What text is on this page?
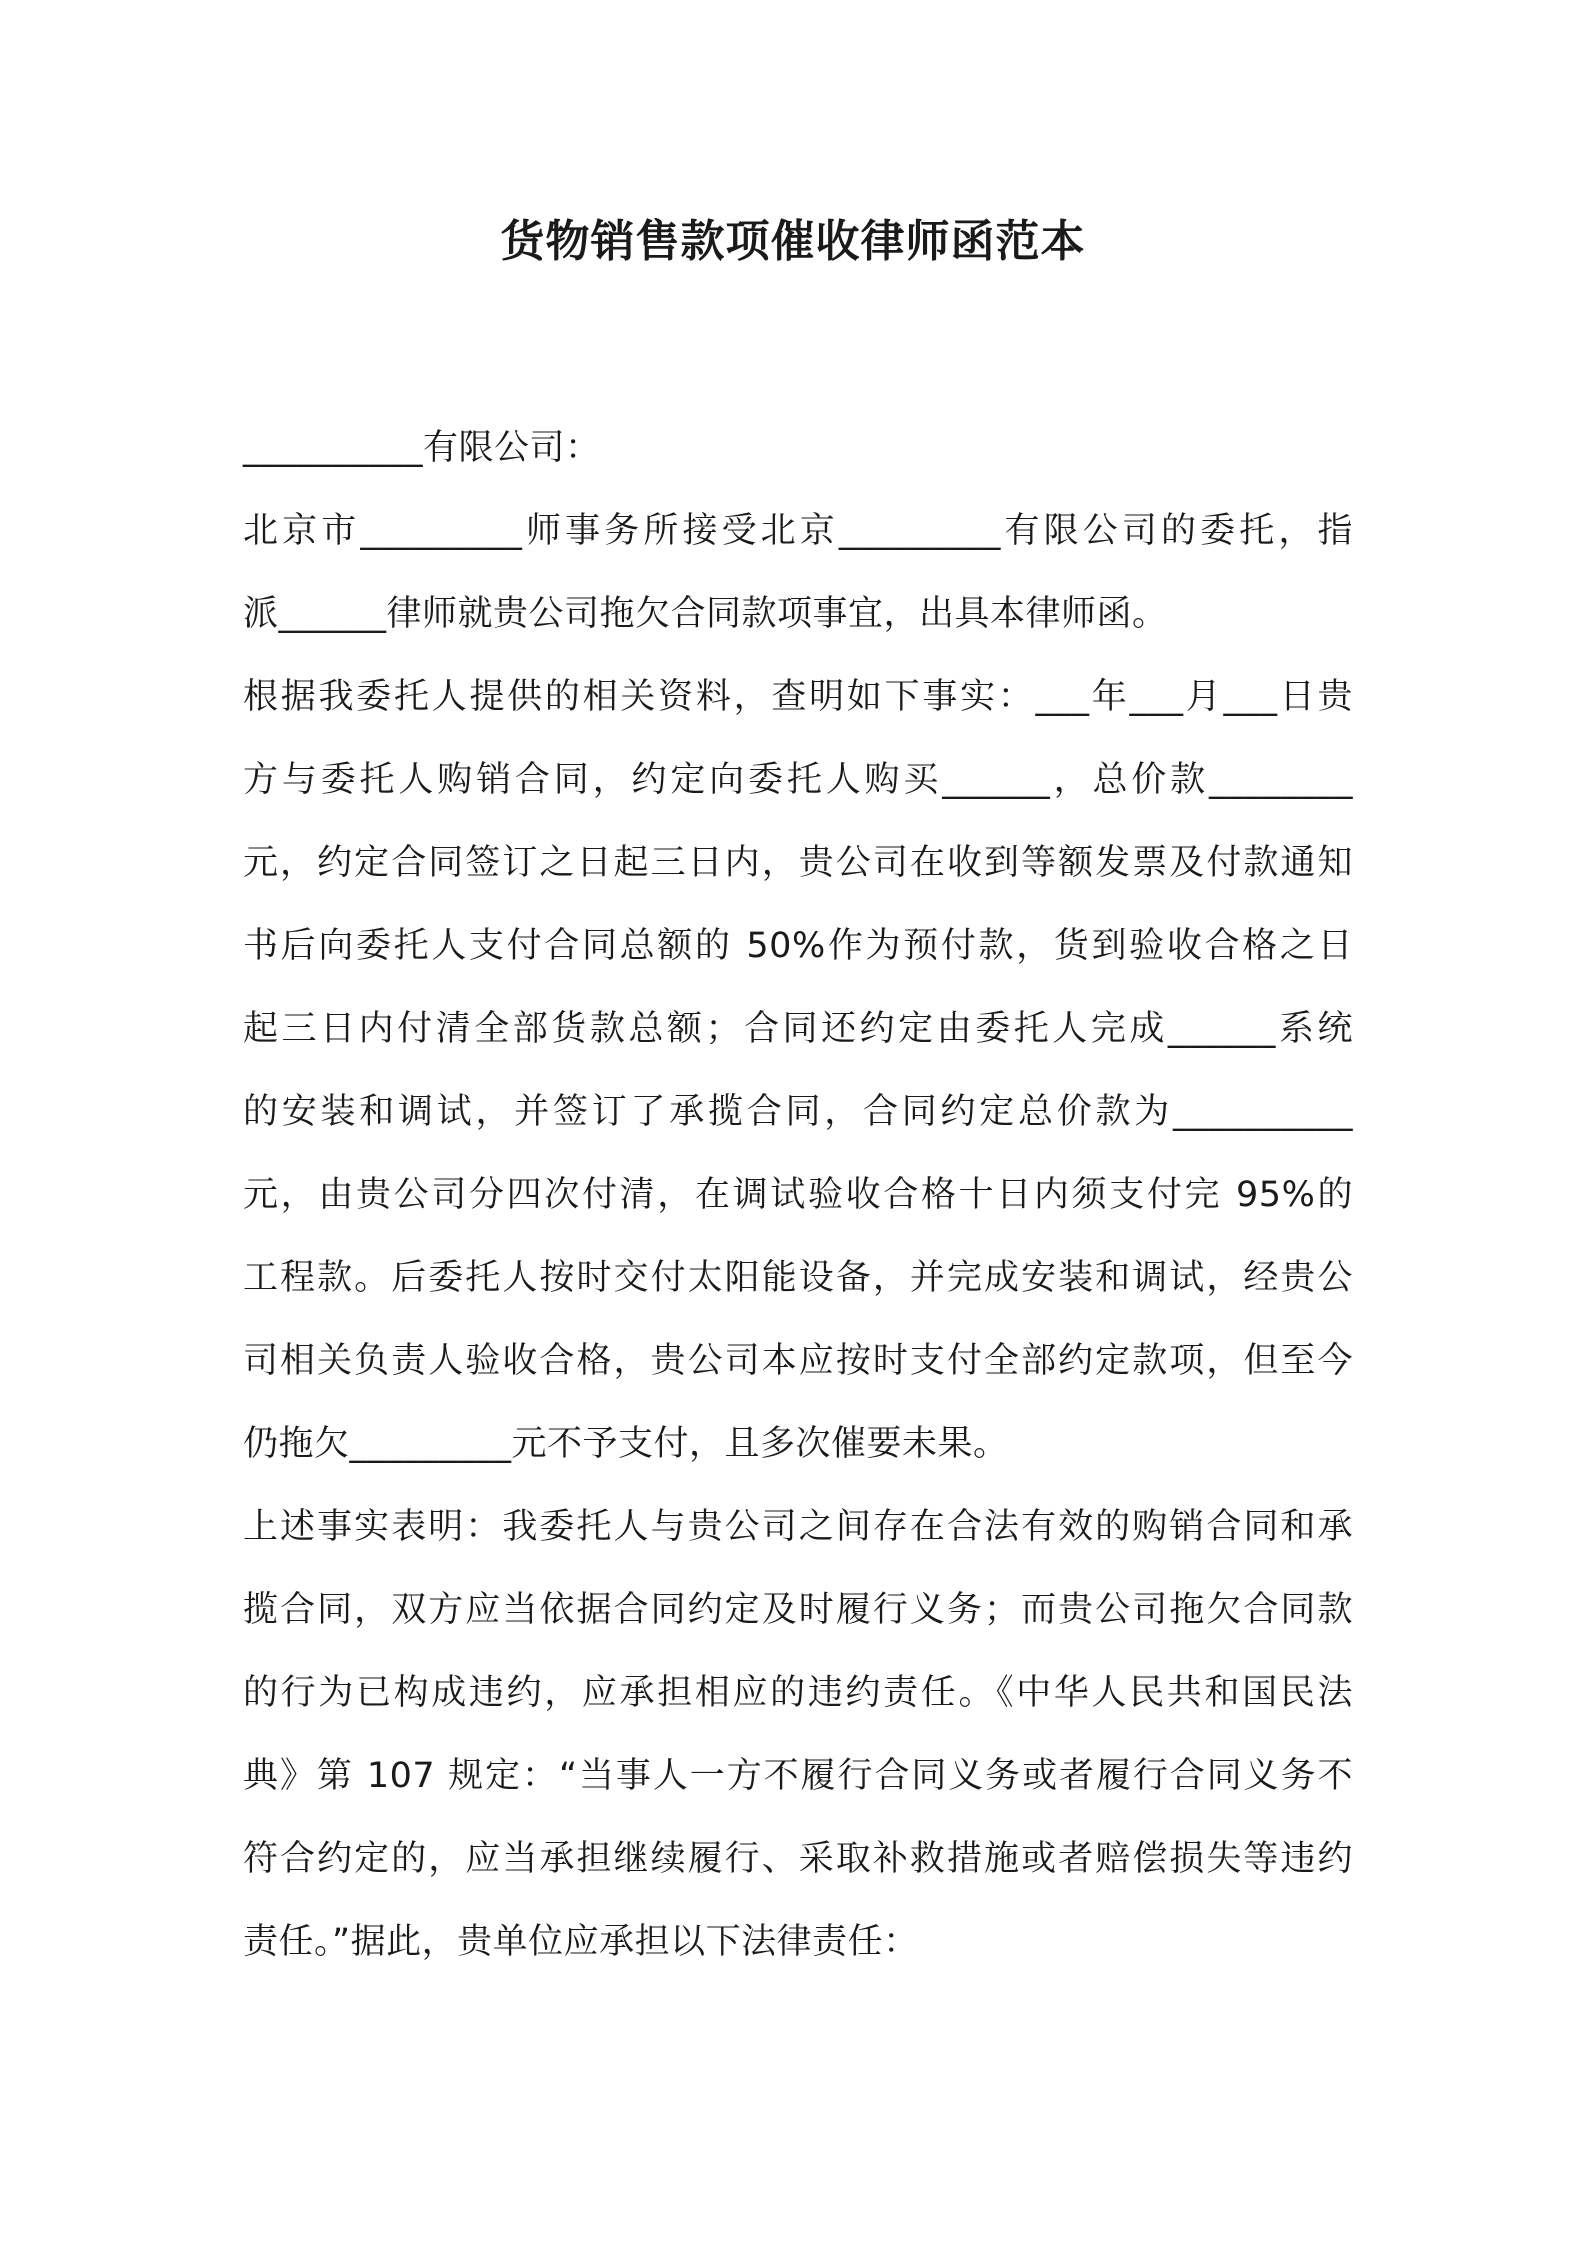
货物销售款项催收律师函范本
__________有限公司：
北京市_________师事务所接受北京_________有限公司的委托，指
派______律师就贵公司拖欠合同款项事宜，出具本律师函。
根据我委托人提供的相关资料，查明如下事实：___年___月___日贵
方与委托人购销合同，约定向委托人购买______，总价款________
元，约定合同签订之日起三日内，贵公司在收到等额发票及付款通知
书后向委托人支付合同总额的 50%作为预付款，货到验收合格之日
起三日内付清全部货款总额；合同还约定由委托人完成______系统
的安装和调试，并签订了承揽合同，合同约定总价款为__________
元，由贵公司分四次付清，在调试验收合格十日内须支付完 95%的
工程款。后委托人按时交付太阳能设备，并完成安装和调试，经贵公
司相关负责人验收合格，贵公司本应按时支付全部约定款项，但至今
仍拖欠_________元不予支付，且多次催要未果。
上述事实表明：我委托人与贵公司之间存在合法有效的购销合同和承
揽合同，双方应当依据合同约定及时履行义务；而贵公司拖欠合同款
的行为已构成违约，应承担相应的违约责任。《中华人民共和国民法
典》第 107 规定：“当事人一方不履行合同义务或者履行合同义务不
符合约定的，应当承担继续履行、采取补救措施或者赔偿损失等违约
责任。”据此，贵单位应承担以下法律责任：
